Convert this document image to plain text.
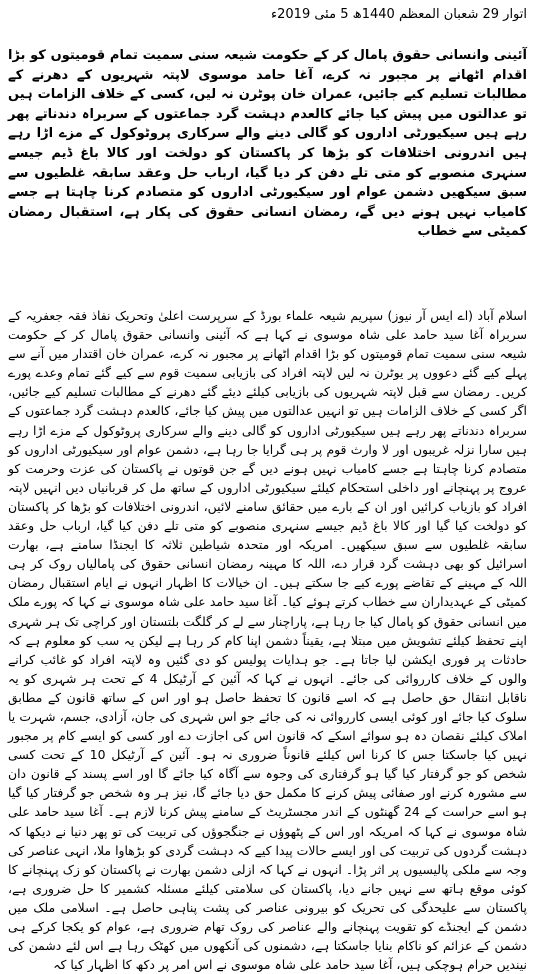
اتوار 29 شعبان المعظم 1440ھ 5 مئی 2019ء
آئینی وانسانی حقوق پامال کر کے حکومت شیعہ سنی سمیت تمام قومیتوں کو بڑا اقدام اٹھانے پر مجبور نہ کرے، آغا حامد موسوی لاپتہ شہریوں کے دھرنے کے مطالبات تسلیم کیے جائیں، عمران خان پوٹرن نہ لیں، کسی کے خلاف الزامات ہیں تو عدالتوں میں پیش کیا جائے کالعدم دہشت گرد جماعتوں کے سربراہ دندناتے پھر رہے ہیں سیکیورٹی اداروں کو گالی دینے والے سرکاری پروٹوکول کے مزے اڑا رہے ہیں اندرونی اختلافات کو بڑھا کر پاکستان کو دولخت اور کالا باغ ڈیم جیسے سنہری منصوبے کو متی تلے دفن کر دیا گیا، ارباب حل وعقد سابقہ غلطیوں سے سبق سیکھیں دشمن عوام اور سیکیورٹی اداروں کو متصادم کرنا چاہتا ہے جسے کامیاب نہیں ہونے دیں گے، رمضان انسانی حقوق کی پکار ہے، استقبال رمضان کمیٹی سے خطاب
اسلام آباد (اے ایس آر نیوز) سپریم شیعہ علماء بورڈ کے سرپرست اعلیٰ وتحریک نفاذ فقہ جعفریہ کے سربراہ آغا سید حامد علی شاہ موسوی نے کہا ہے کہ آئینی وانسانی حقوق پامال کر کے حکومت شیعہ سنی سمیت تمام قومیتوں کو بڑا اقدام اٹھانے پر مجبور نہ کرے، عمران خان اقتدار میں آنے سے پہلے کیے گئے دعووں پر یوٹرن نہ لیں لاپتہ افراد کی بازیابی سمیت قوم سے کیے گئے تمام وعدے پورے کریں۔ رمضان سے قبل لاپتہ شہریوں کی بازیابی کیلئے دیئے گئے دھرنے کے مطالبات تسلیم کیے جائیں، اگر کسی کے خلاف الزامات ہیں تو انہیں عدالتوں میں پیش کیا جائے، کالعدم دہشت گرد جماعتوں کے سربراہ دندناتے پھر رہے ہیں سیکیورٹی اداروں کو گالی دینے والے سرکاری پروٹوکول کے مزے اڑا رہے ہیں سارا نزلہ غریبوں اور لا وارث قوم پر ہی گرایا جا رہا ہے، دشمن عوام اور سیکیورٹی اداروں کو متصادم کرنا چاہتا ہے جسے کامیاب نہیں ہونے دیں گے جن قوتوں نے پاکستان کی عزت وحرمت کو عروج پر پہنچانے اور داخلی استحکام کیلئے سیکیورٹی اداروں کے ساتھ مل کر قربانیاں دیں انہیں لاپتہ افراد کو بازیاب کرائیں اور ان کے بارے میں حقائق سامنے لائیں، اندرونی اختلافات کو بڑھا کر پاکستان کو دولخت کیا گیا اور کالا باغ ڈیم جیسے سنہری منصوبے کو متی تلے دفن کیا گیا، ارباب حل وعقد سابقہ غلطیوں سے سبق سیکھیں۔ امریکہ اور متحدہ شیاطین ثلاثہ کا ایجنڈا سامنے ہے، بھارت اسرائیل کو بھی دہشت گرد قرار دے، اللہ کا مہینہ رمضان انسانی حقوق کی پامالیاں روک کر ہی اللہ کے مہینے کے تقاضے پورے کیے جا سکتے ہیں۔ ان خیالات کا اظہار انہوں نے ایام استقبال رمضان کمیٹی کے عہدیداران سے خطاب کرتے ہوئے کیا۔ آغا سید حامد علی شاہ موسوی نے کہا کہ پورے ملک میں انسانی حقوق کو پامال کیا جا رہا ہے، پاراچنار سے لے کر گلگت بلتستان اور کراچی تک ہر شہری اپنے تحفظ کیلئے تشویش میں مبتلا ہے، یقیناً دشمن اپنا کام کر رہا ہے لیکن یہ سب کو معلوم ہے کہ حادثات پر فوری ایکشن لیا جاتا ہے۔ جو ہدایات پولیس کو دی گئیں وہ لاپتہ افراد کو غائب کرانے والوں کے خلاف کارروائی کی جائے۔ انہوں نے کہا کہ آئین کے آرٹیکل 4 کے تحت ہر شہری کو یہ ناقابل انتقال حق حاصل ہے کہ اسے قانون کا تحفظ حاصل ہو اور اس کے ساتھ قانون کے مطابق سلوک کیا جائے اور کوئی ایسی کارروائی نہ کی جائے جو اس شہری کی جان، آزادی، جسم، شہرت یا املاک کیلئے نقصان دہ ہو سوائے اسکے کہ قانون اس کی اجازت دے اور کسی کو ایسے کام پر مجبور نہیں کیا جاسکتا جس کا کرنا اس کیلئے قانوناً ضروری نہ ہو۔ آئین کے آرٹیکل 10 کے تحت کسی شخص کو جو گرفتار کیا گیا ہو گرفتاری کی وجوہ سے آگاہ کیا جائے گا اور اسے پسند کے قانون دان سے مشورہ کرنے اور صفائی پیش کرنے کا مکمل حق دیا جائے گا، نیز ہر وہ شخص جو گرفتار کیا گیا ہو اسے حراست کے 24 گھنٹوں کے اندر مجسٹریٹ کے سامنے پیش کرنا لازم ہے۔ آغا سید حامد علی شاہ موسوی نے کہا کہ امریکہ اور اس کے پٹھوؤں نے جنگجوؤں کی تربیت کی تو پھر دنیا نے دیکھا کہ دہشت گردوں کی تربیت کی اور ایسے حالات پیدا کیے کہ دہشت گردی کو بڑھاوا ملا، انہی عناصر کی وجہ سے ملکی پالیسیوں پر اثر پڑا۔ انہوں نے کہا کہ ازلی دشمن بھارت نے پاکستان کو زک پہنچانے کا کوئی موقع ہاتھ سے نہیں جانے دیا، پاکستان کی سلامتی کیلئے مسئلہ کشمیر کا حل ضروری ہے، پاکستان سے علیحدگی کی تحریک کو بیرونی عناصر کی پشت پناہی حاصل ہے۔ اسلامی ملک میں دشمن کے ایجنڈے کو تقویت پہنچانے والے عناصر کی روک تھام ضروری ہے، عوام کو یکجا کرکے ہی دشمن کے عزائم کو ناکام بنایا جاسکتا ہے، دشمنوں کی آنکھوں میں کھٹک رہا ہے اس لئے دشمن کی نیندیں حرام ہوچکی ہیں، آغا سید حامد علی شاہ موسوی نے اس امر پر دکھ کا اظہار کیا کہ
